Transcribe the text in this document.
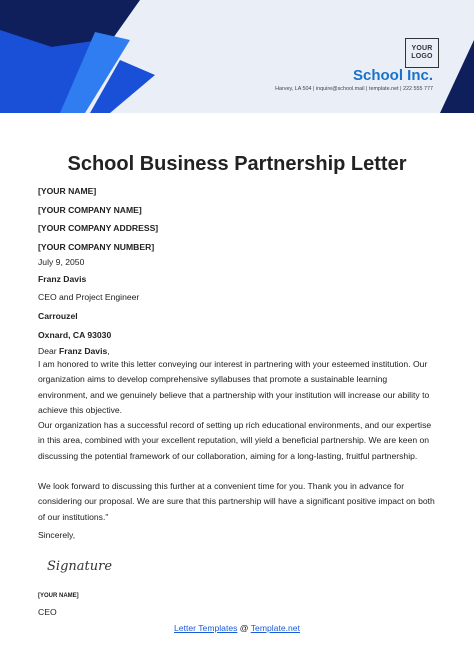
YOUR
LOGO
School Inc.
Harvey, LA 504 | inquire@school.mail | template.net | 222 555 777
School Business Partnership Letter

[YOUR NAME]

[YOUR COMPANY NAME]

[YOUR COMPANY ADDRESS]

[YOUR COMPANY NUMBER]

July 9, 2050

Franz Davis

CEO and Project Engineer

Carrouzel

Oxnard, CA 93030

Dear Franz Davis,

I am honored to write this letter conveying our interest in partnering with your esteemed institution. Our organization aims to develop comprehensive syllabuses that promote a sustainable learning environment, and we genuinely believe that a partnership with your institution will increase our ability to achieve this objective.

Our organization has a successful record of setting up rich educational environments, and our expertise in this area, combined with your excellent reputation, will yield a beneficial partnership. We are keen on discussing the potential framework of our collaboration, aiming for a long-lasting, fruitful partnership.

We look forward to discussing this further at a convenient time for you. Thank you in advance for considering our proposal. We are sure that this partnership will have a significant positive impact on both of our institutions."

Sincerely,

Signature
[YOUR NAME]
CEO
Letter Templates @ Template.net
